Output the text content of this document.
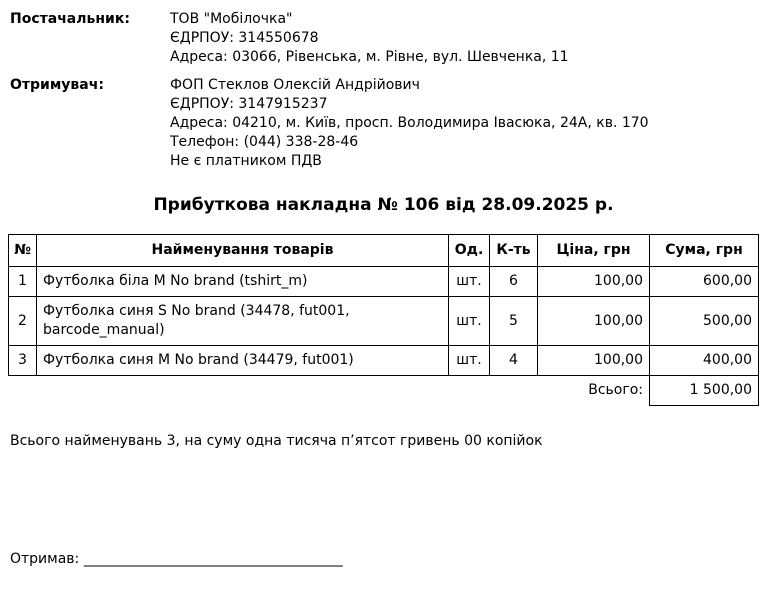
Постачальник:	ТОВ "Мобілочка"
ЄДРПОУ: 314550678
Адреса: 03066, Рівенська, м. Рівне, вул. Шевченка, 11
Отримувач:	ФОП Стеклов Олексій Андрійович
ЄДРПОУ: 3147915237
Адреса: 04210, м. Київ, просп. Володимира Івасюка, 24А, кв. 170
Телефон: (044) 338-28-46
Не є платником ПДВ
Прибуткова накладна № 106 від 28.09.2025 р.
№	Найменування товарів	Од.	К-ть	Ціна, грн	Сума, грн
1	Футболка біла M No brand (tshirt_m)	шт.	6	100,00	600,00
2	Футболка синя S No brand (34478, fut001, barcode_manual)	шт.	5	100,00	500,00
3	Футболка синя M No brand (34479, fut001)	шт.	4	100,00	400,00
Всього:					1 500,00
Всього найменувань 3, на суму одна тисяча п’ятсот гривень 00 копійок
Отримав: _____________________________________
